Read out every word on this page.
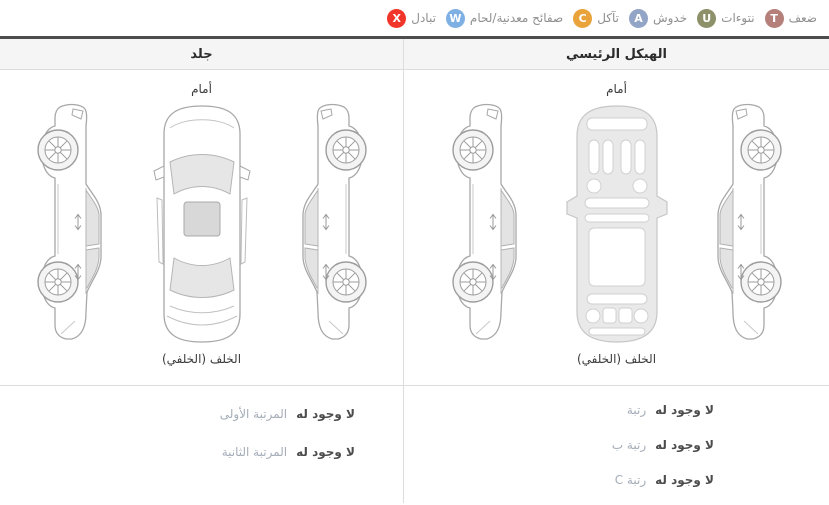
ضعف
T
نتوءات
U
خدوش
A
تآكل
C
صفائح معدنية/لحام
W
تبادل
X
الهيكل الرئيسي
جلد
أمام
الخلف (الخلفي)
لا وجود له
رتبة
لا وجود له
رتبة ب
لا وجود له
رتبة C
أمام
الخلف (الخلفي)
لا وجود له
المرتبة الأولى
لا وجود له
المرتبة الثانية
